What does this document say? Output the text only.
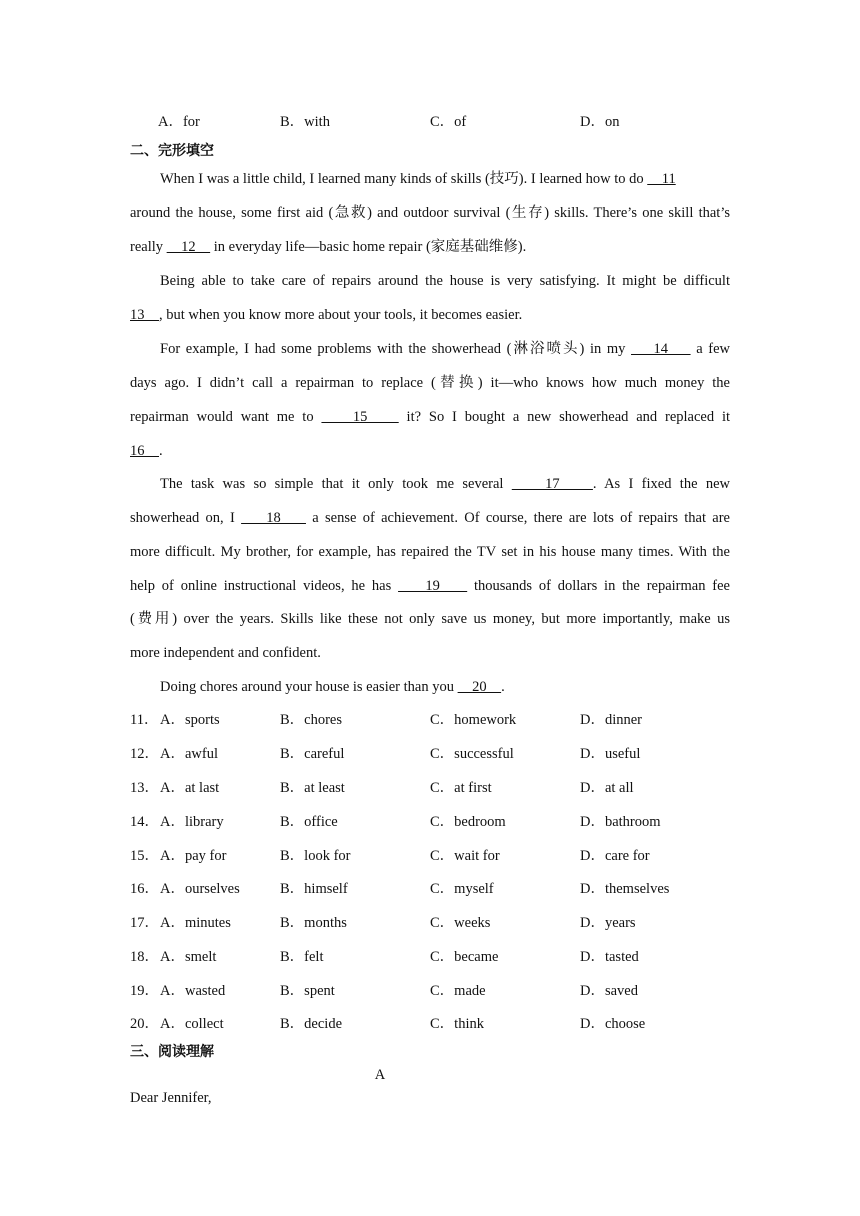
A．for	B．with	C．of	D．on
二、完形填空
When I was a little child, I learned many kinds of skills (技巧). I learned how to do     11
around the house, some first aid (急救) and outdoor survival (生存) skills. There’s one skill that’s
really     12     in everyday life—basic home repair (家庭基础维修).
Being able to take care of repairs around the house is very satisfying. It might be difficult
13    , but when you know more about your tools, it becomes easier.
For example, I had some problems with the showerhead (淋浴喷头) in my     14     a few
days ago. I didn’t call a repairman to replace (替换) it—who knows how much money the
repairman would want me to     15     it? So I bought a new showerhead and replaced it
16    .
The task was so simple that it only took me several     17    . As I fixed the new
showerhead on, I     18     a sense of achievement. Of course, there are lots of repairs that are
more difficult. My brother, for example, has repaired the TV set in his house many times. With the
help of online instructional videos, he has     19     thousands of dollars in the repairman fee
(费用) over the years. Skills like these not only save us money, but more importantly, make us
more independent and confident.
Doing chores around your house is easier than you     20    .
11． A．sports	B．chores	C．homework	D．dinner
12．A．awful	B．careful	C．successful	D．useful
13．A．at last	B．at least	C．at first	D．at all
14．A．library	B．office	C．bedroom	D．bathroom
15．A．pay for	B．look for	C．wait for	D．care for
16．A．ourselves	B．himself	C．myself	D．themselves
17．A．minutes	B．months	C．weeks	D．years
18．A．smelt	B．felt	C．became	D．tasted
19．A．wasted	B．spent	C．made	D．saved
20．A．collect	B．decide	C．think	D．choose
三、阅读理解
A
Dear Jennifer,
